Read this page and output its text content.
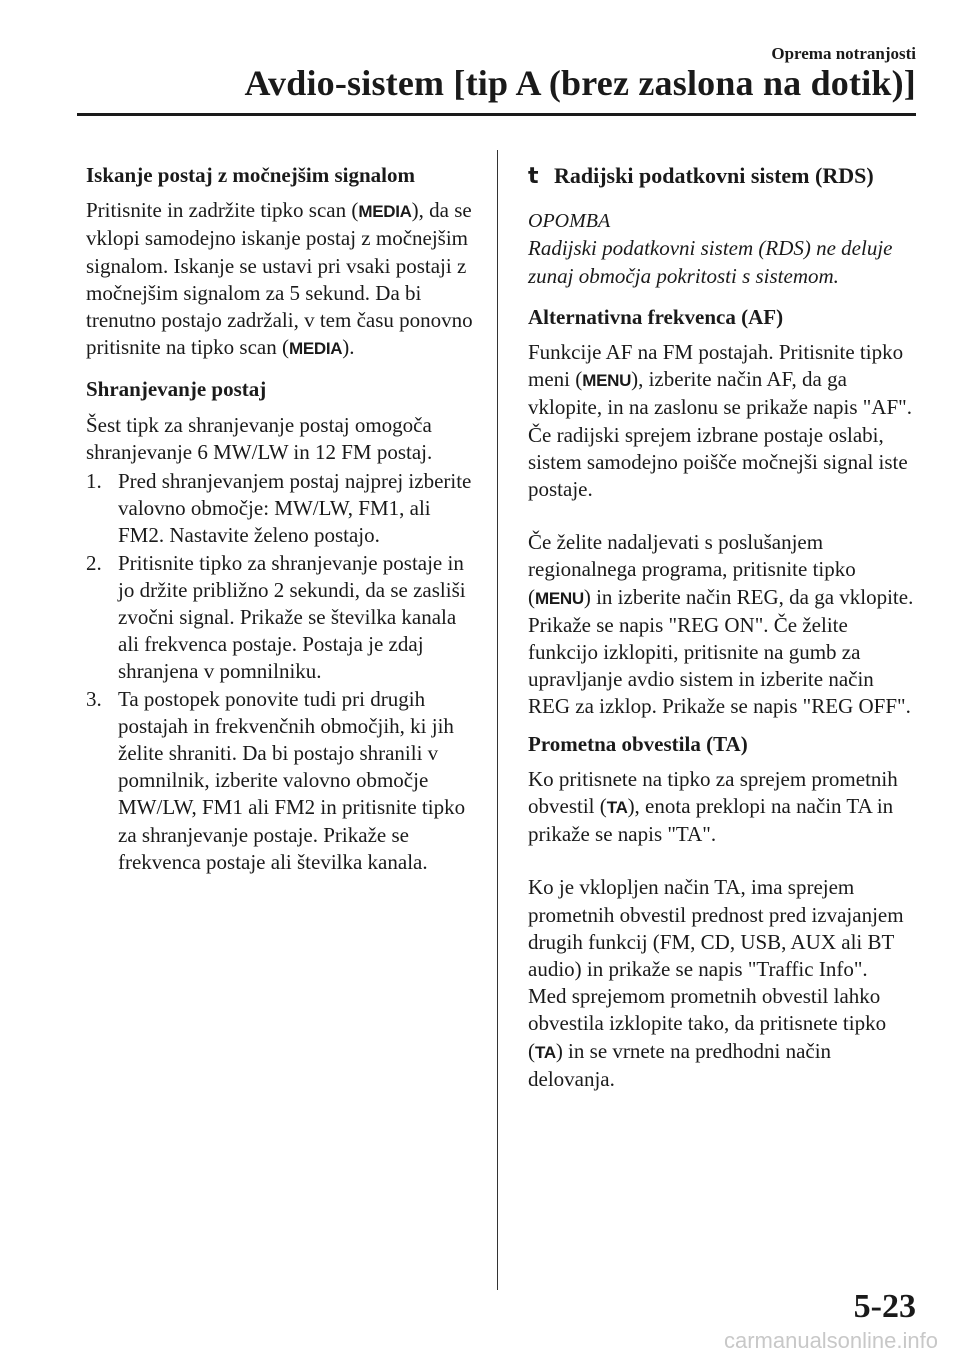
Oprema notranjosti
Avdio-sistem [tip A (brez zaslona na dotik)]
Iskanje postaj z močnejšim signalom

Pritisnite in zadržite tipko scan (MEDIA), da se vklopi samodejno iskanje postaj z močnejšim signalom. Iskanje se ustavi pri vsaki postaji z močnejšim signalom za 5 sekund. Da bi trenutno postajo zadržali, v tem času ponovno pritisnite na tipko scan (MEDIA).

Shranjevanje postaj

Šest tipk za shranjevanje postaj omogoča shranjevanje 6 MW/LW in 12 FM postaj.

1. Pred shranjevanjem postaj najprej izberite valovno območje: MW/LW, FM1, ali FM2. Nastavite želeno postajo.
2. Pritisnite tipko za shranjevanje postaje in jo držite približno 2 sekundi, da se zasliši zvočni signal. Prikaže se številka kanala ali frekvenca postaje. Postaja je zdaj shranjena v pomnilniku.
3. Ta postopek ponovite tudi pri drugih postajah in frekvenčnih območjih, ki jih želite shraniti. Da bi postajo shranili v pomnilnik, izberite valovno območje MW/LW, FM1 ali FM2 in pritisnite tipko za shranjevanje postaje. Prikaže se frekvenca postaje ali številka kanala.
t Radijski podatkovni sistem (RDS)
OPOMBA

Radijski podatkovni sistem (RDS) ne deluje zunaj območja pokritosti s sistemom.

Alternativna frekvenca (AF)

Funkcije AF na FM postajah. Pritisnite tipko meni (MENU), izberite način AF, da ga vklopite, in na zaslonu se prikaže napis "AF". Če radijski sprejem izbrane postaje oslabi, sistem samodejno poišče močnejši signal iste postaje.

Če želite nadaljevati s poslušanjem regionalnega programa, pritisnite tipko (MENU) in izberite način REG, da ga vklopite. Prikaže se napis "REG ON". Če želite funkcijo izklopiti, pritisnite na gumb za upravljanje avdio sistem in izberite način REG za izklop. Prikaže se napis "REG OFF".

Prometna obvestila (TA)

Ko pritisnete na tipko za sprejem prometnih obvestil (TA), enota preklopi na način TA in prikaže se napis "TA".

Ko je vklopljen način TA, ima sprejem prometnih obvestil prednost pred izvajanjem drugih funkcij (FM, CD, USB, AUX ali BT audio) in prikaže se napis "Traffic Info".

Med sprejemom prometnih obvestil lahko obvestila izklopite tako, da pritisnete tipko (TA) in se vrnete na predhodni način delovanja.

5-23
carmanualsonline.info
